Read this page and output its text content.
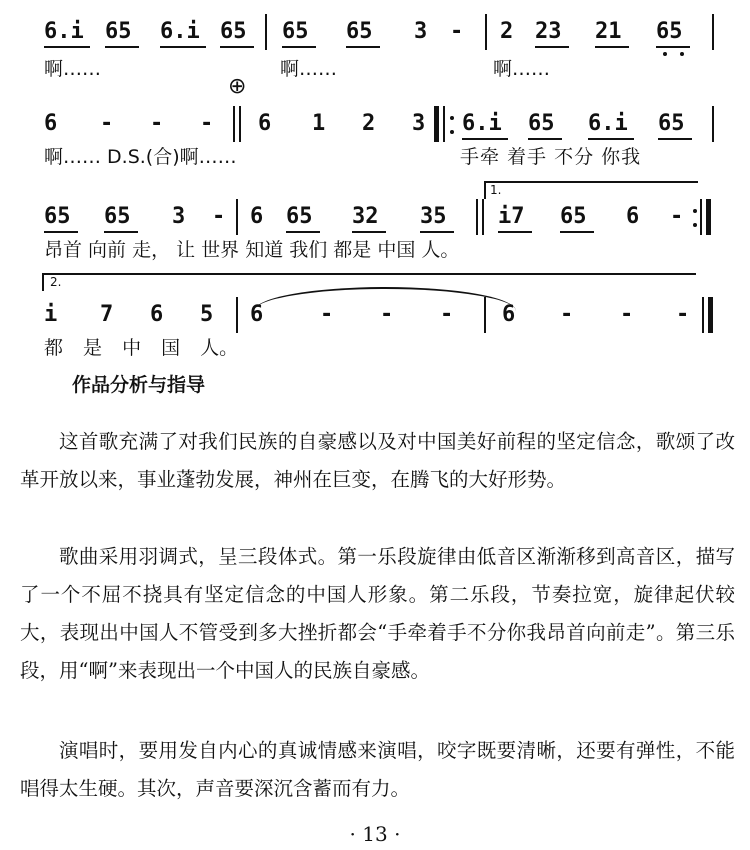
6.i 65 6.i 65 65 65 3 - 2 23 21 65
啊……	啊……	啊……
⊕
6 - - - 6 1 2 3 6.i 65 6.i 65
啊…… D.S.(合)啊……	手牵 着手 不分 你我
1.
65 65 3 - 6 65 32 35 i7 65 6 -
昂首 向前 走， 让 世界 知道 我们 都是 中国 人。
2.
i 7 6 5 6	- - - 6 - - -
都 是 中 国 人。
作品分析与指导
这首歌充满了对我们民族的自豪感以及对中国美好前程的坚定信念，歌颂了改革开放以来，事业蓬勃发展，神州在巨变，在腾飞的大好形势。
歌曲采用羽调式，呈三段体式。第一乐段旋律由低音区渐渐移到高音区，描写了一个不屈不挠具有坚定信念的中国人形象。第二乐段，节奏拉宽，旋律起伏较大，表现出中国人不管受到多大挫折都会“手牵着手不分你我昂首向前走”。第三乐段，用“啊”来表现出一个中国人的民族自豪感。
演唱时，要用发自内心的真诚情感来演唱，咬字既要清晰，还要有弹性，不能唱得太生硬。其次，声音要深沉含蓄而有力。
· 13 ·
